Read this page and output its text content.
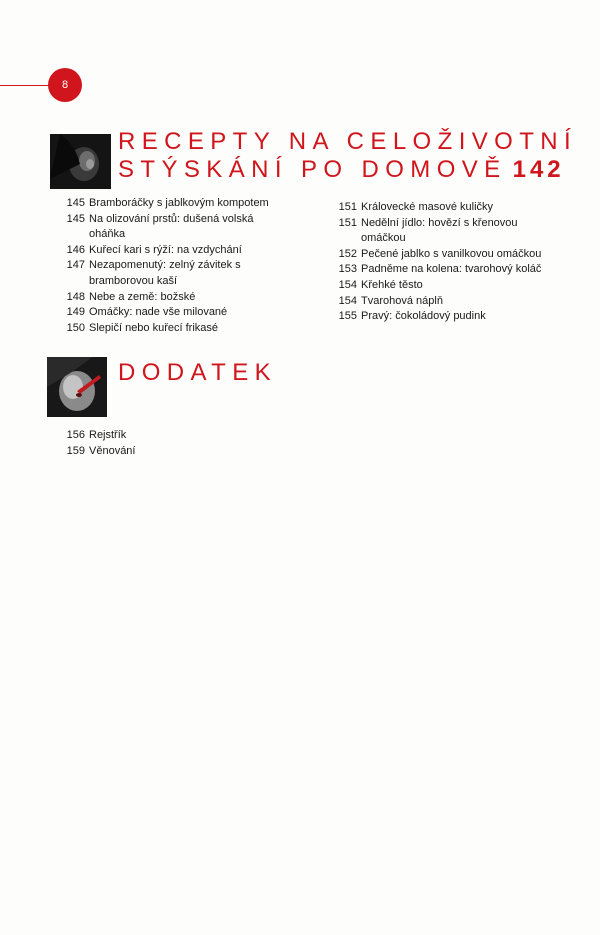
8
RECEPTY NA CELOŽIVOTNÍ
STÝSKÁNÍ PO DOMOVĚ 142
145 Bramboráčky s jablkovým kompotem
145 Na olizování prstů: dušená volská oháňka
146 Kuřecí kari s rýží: na vzdychání
147 Nezapomenutý: zelný závitek s bramborovou kaší
148 Nebe a země: božské
149 Omáčky: nade vše milované
150 Slepičí nebo kuřecí frikasé
151 Královecké masové kuličky
151 Nedělní jídlo: hovězí s křenovou omáčkou
152 Pečené jablko s vanilkovou omáčkou
153 Padněme na kolena: tvarohový koláč
154 Křehké těsto
154 Tvarohová náplň
155 Pravý: čokoládový pudink
DODATEK
156 Rejstřík
159 Věnování
